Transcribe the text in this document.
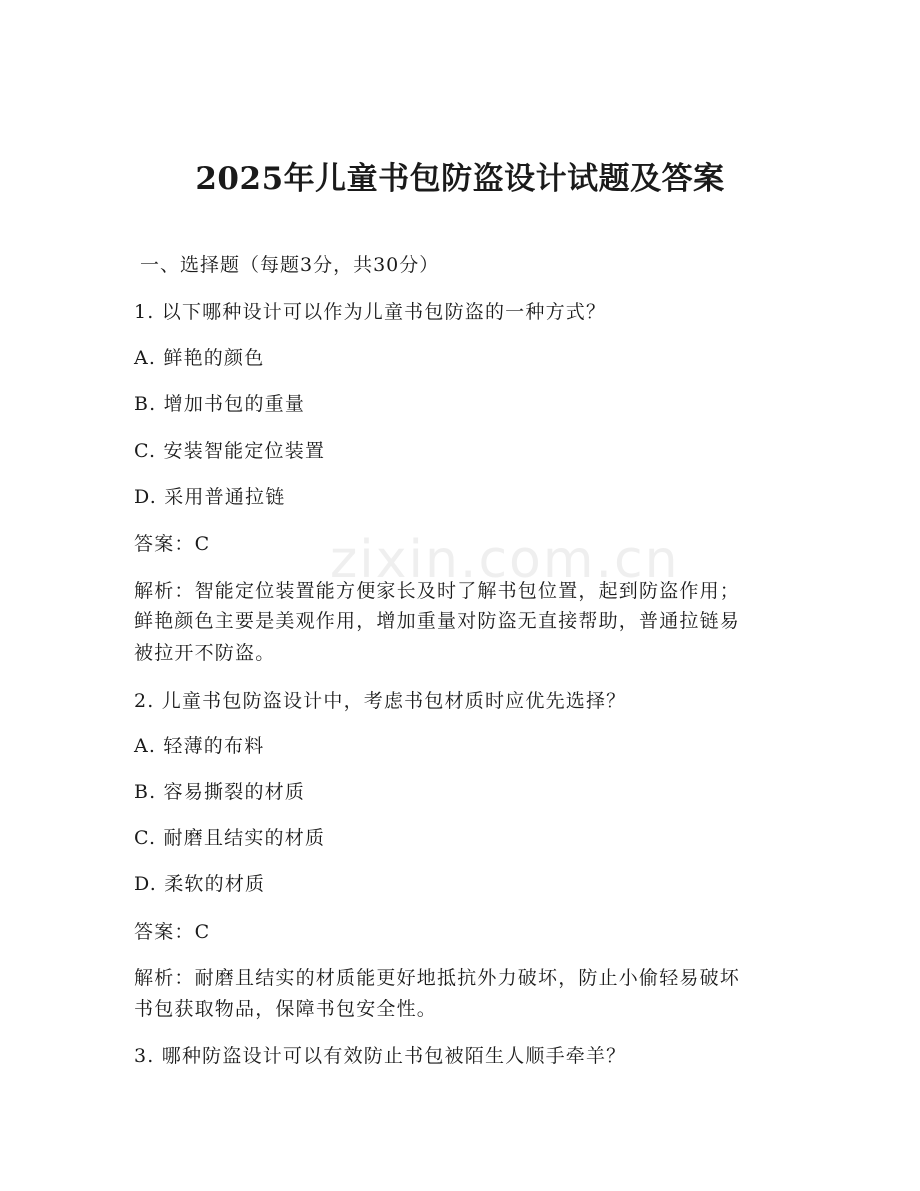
zixin.com.cn
2025年儿童书包防盗设计试题及答案
一、选择题（每题3分，共30分）
1. 以下哪种设计可以作为儿童书包防盗的一种方式？
A. 鲜艳的颜色
B. 增加书包的重量
C. 安装智能定位装置
D. 采用普通拉链
答案：C
解析：智能定位装置能方便家长及时了解书包位置，起到防盗作用；
鲜艳颜色主要是美观作用，增加重量对防盗无直接帮助，普通拉链易
被拉开不防盗。
2. 儿童书包防盗设计中，考虑书包材质时应优先选择？
A. 轻薄的布料
B. 容易撕裂的材质
C. 耐磨且结实的材质
D. 柔软的材质
答案：C
解析：耐磨且结实的材质能更好地抵抗外力破坏，防止小偷轻易破坏
书包获取物品，保障书包安全性。
3. 哪种防盗设计可以有效防止书包被陌生人顺手牵羊？
